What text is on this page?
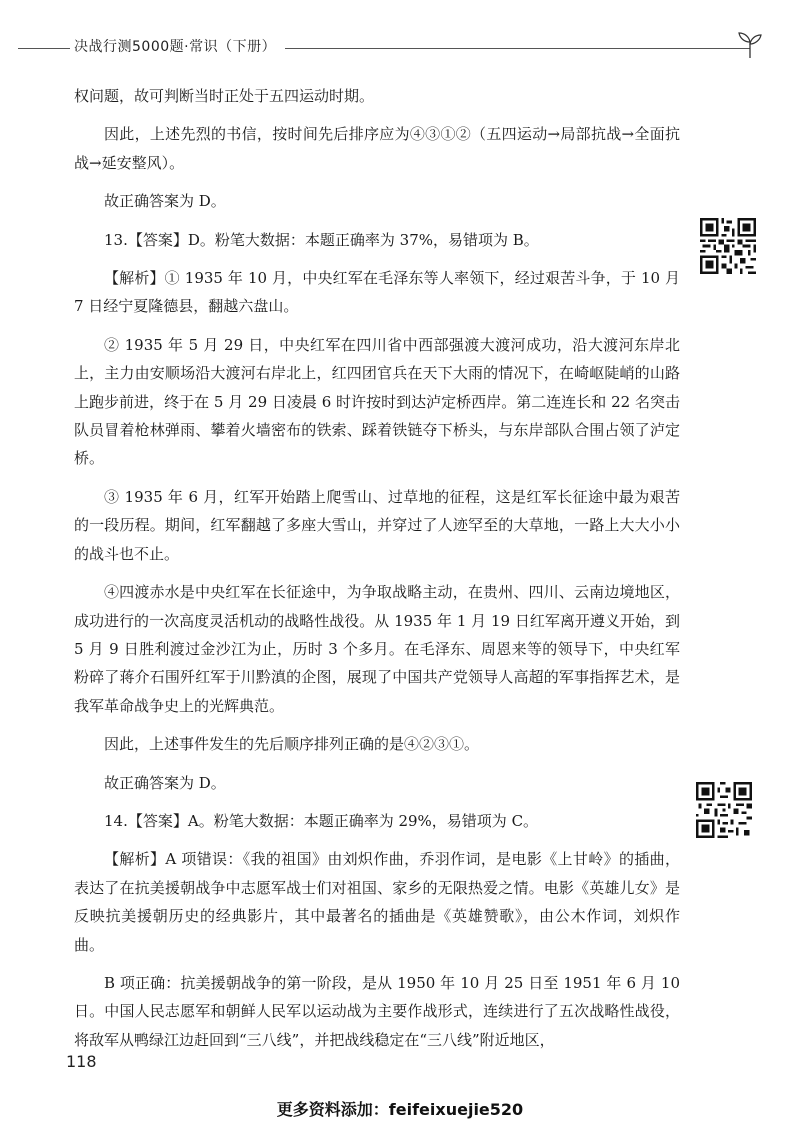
决战行测5000题·常识（下册）

权问题，故可判断当时正处于五四运动时期。

因此，上述先烈的书信，按时间先后排序应为④③①②（五四运动→局部抗战→全面抗战→延安整风）。

故正确答案为 D。

13.【答案】D。粉笔大数据：本题正确率为 37%，易错项为 B。

【解析】① 1935 年 10 月，中央红军在毛泽东等人率领下，经过艰苦斗争，于 10 月 7 日经宁夏隆德县，翻越六盘山。

② 1935 年 5 月 29 日，中央红军在四川省中西部强渡大渡河成功，沿大渡河东岸北上，主力由安顺场沿大渡河右岸北上，红四团官兵在天下大雨的情况下，在崎岖陡峭的山路上跑步前进，终于在 5 月 29 日凌晨 6 时许按时到达泸定桥西岸。第二连连长和 22 名突击队员冒着枪林弹雨、攀着火墙密布的铁索、踩着铁链夺下桥头，与东岸部队合围占领了泸定桥。

③ 1935 年 6 月，红军开始踏上爬雪山、过草地的征程，这是红军长征途中最为艰苦的一段历程。期间，红军翻越了多座大雪山，并穿过了人迹罕至的大草地，一路上大大小小的战斗也不止。

④四渡赤水是中央红军在长征途中，为争取战略主动，在贵州、四川、云南边境地区，成功进行的一次高度灵活机动的战略性战役。从 1935 年 1 月 19 日红军离开遵义开始，到 5 月 9 日胜利渡过金沙江为止，历时 3 个多月。在毛泽东、周恩来等的领导下，中央红军粉碎了蒋介石围歼红军于川黔滇的企图，展现了中国共产党领导人高超的军事指挥艺术，是我军革命战争史上的光辉典范。

因此，上述事件发生的先后顺序排列正确的是④②③①。

故正确答案为 D。

14.【答案】A。粉笔大数据：本题正确率为 29%，易错项为 C。

【解析】A 项错误：《我的祖国》由刘炽作曲，乔羽作词，是电影《上甘岭》的插曲，表达了在抗美援朝战争中志愿军战士们对祖国、家乡的无限热爱之情。电影《英雄儿女》是反映抗美援朝历史的经典影片，其中最著名的插曲是《英雄赞歌》，由公木作词，刘炽作曲。

B 项正确：抗美援朝战争的第一阶段，是从 1950 年 10 月 25 日至 1951 年 6 月 10 日。中国人民志愿军和朝鲜人民军以运动战为主要作战形式，连续进行了五次战略性战役，将敌军从鸭绿江边赶回到“三八线”，并把战线稳定在“三八线”附近地区，

118
更多资料添加：feifeixuejie520
